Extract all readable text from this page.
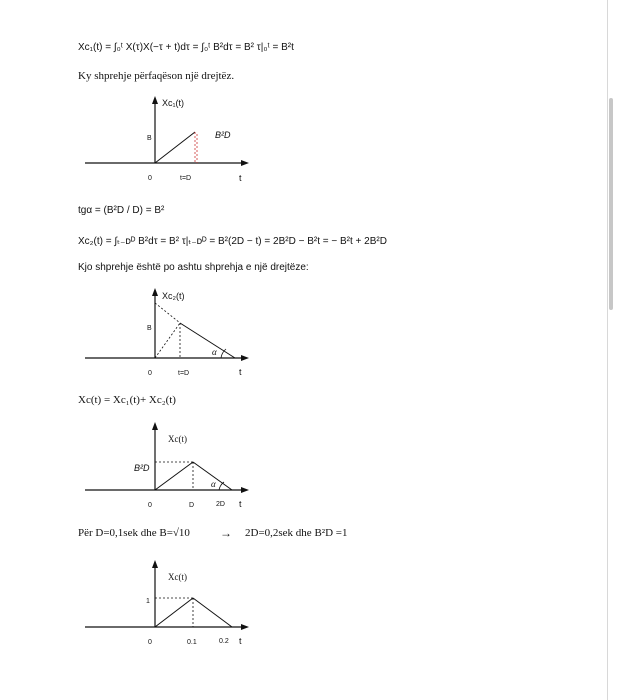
Xc₁(t) = ∫₀ᵗ X(τ)X(−τ + t)dτ = ∫₀ᵗ B²dτ = B² τ|₀ᵗ = B²t
Ky shprehje përfaqëson një drejtëz.
Xc₁(t)
B	B²D
0	t=D	t
tgα = (B²D / D) = B²
Xc₂(t) = ∫ₜ₋ᴅᴰ B²dτ = B² τ|ₜ₋ᴅᴰ = B²(2D − t) = 2B²D − B²t = − B²t + 2B²D
Kjo shprehje është po ashtu shprehja e një drejtëze:
Xc₂(t)
B
α
0	t=D	t
Xc(t) = Xc₁(t)+ Xc₂(t)
Xc(t)
B²D
α
0	D	2D t
Për D=0,1sek dhe B=√10	→ 2D=0,2sek dhe B²D =1
Xc(t)
1
0	0.1	0.2 t
